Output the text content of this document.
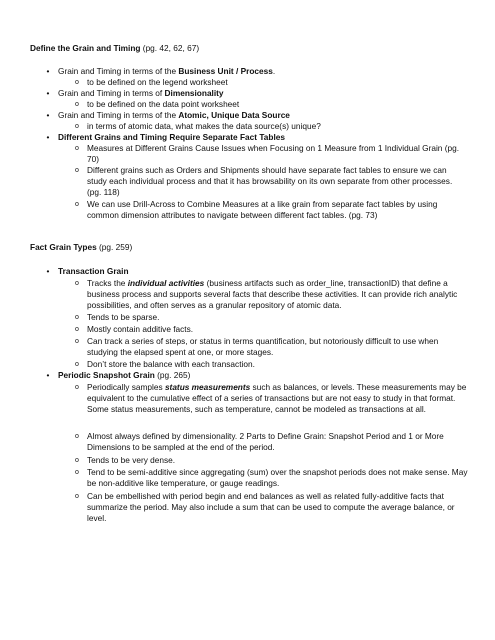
Define the Grain and Timing (pg. 42, 62, 67)
•	Grain and Timing in terms of the Business Unit / Process.
o to be defined on the legend worksheet
•	Grain and Timing in terms of Dimensionality
o to be defined on the data point worksheet
•	Grain and Timing in terms of the Atomic, Unique Data Source
o in terms of atomic data, what makes the data source(s) unique?
•	Different Grains and Timing Require Separate Fact Tables
o Measures at Different Grains Cause Issues when Focusing on 1 Measure from 1 Individual Grain (pg. 70)
o Different grains such as Orders and Shipments should have separate fact tables to ensure we can study each individual process and that it has browsability on its own separate from other processes. (pg. 118)
o We can use Drill-Across to Combine Measures at a like grain from separate fact tables by using common dimension attributes to navigate between different fact tables. (pg. 73)
Fact Grain Types (pg. 259)
•	Transaction Grain
o Tracks the individual activities (business artifacts such as order_line, transactionID) that define a business process and supports several facts that describe these activities. It can provide rich analytic possibilities, and often serves as a granular repository of atomic data.
o Tends to be sparse.
o Mostly contain additive facts.
o Can track a series of steps, or status in terms quantification, but notoriously difficult to use when studying the elapsed spent at one, or more stages.
o Don’t store the balance with each transaction.
•	Periodic Snapshot Grain (pg. 265)
o Periodically samples status measurements such as balances, or levels. These measurements may be equivalent to the cumulative effect of a series of transactions but are not easy to study in that format. Some status measurements, such as temperature, cannot be modeled as transactions at all.
o Almost always defined by dimensionality. 2 Parts to Define Grain: Snapshot Period and 1 or More Dimensions to be sampled at the end of the period.
o Tends to be very dense.
o Tend to be semi-additive since aggregating (sum) over the snapshot periods does not make sense. May be non-additive like temperature, or gauge readings.
o Can be embellished with period begin and end balances as well as related fully-additive facts that summarize the period. May also include a sum that can be used to compute the average balance, or level.
